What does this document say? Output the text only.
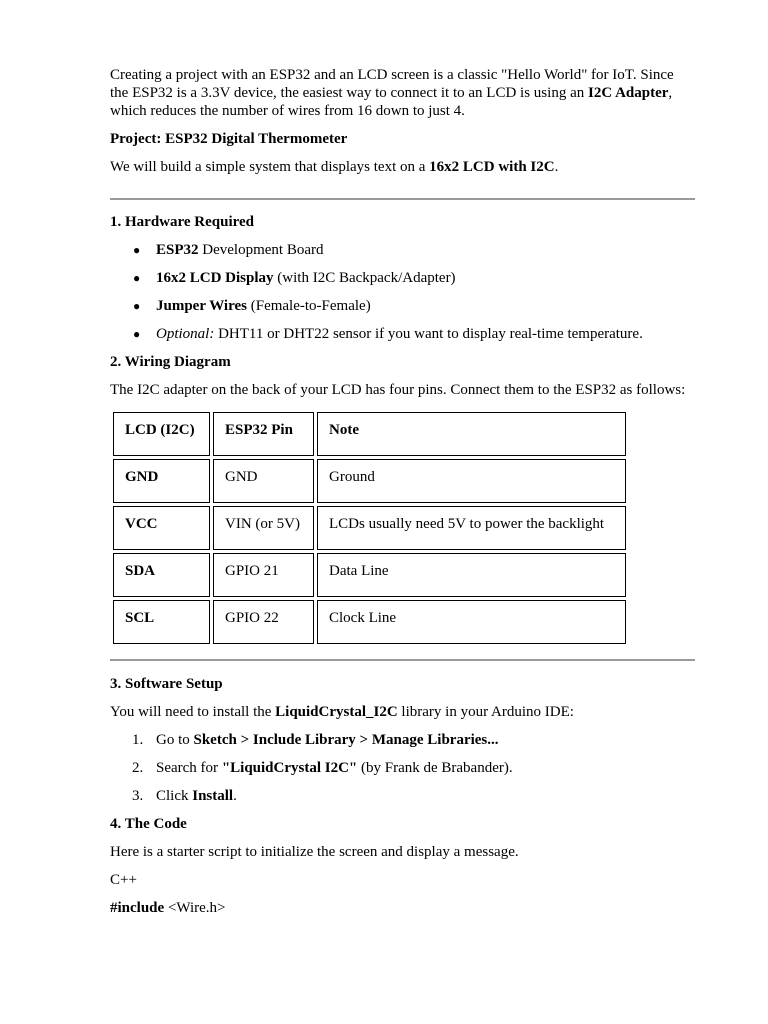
Creating a project with an ESP32 and an LCD screen is a classic "Hello World" for IoT. Since the ESP32 is a 3.3V device, the easiest way to connect it to an LCD is using an I2C Adapter, which reduces the number of wires from 16 down to just 4.

Project: ESP32 Digital Thermometer

We will build a simple system that displays text on a 16x2 LCD with I2C.

1. Hardware Required

● ESP32 Development Board
● 16x2 LCD Display (with I2C Backpack/Adapter)
● Jumper Wires (Female-to-Female)
● Optional: DHT11 or DHT22 sensor if you want to display real-time temperature.

2. Wiring Diagram

The I2C adapter on the back of your LCD has four pins. Connect them to the ESP32 as follows:

LCD (I2C)	ESP32 Pin	Note
GND	GND	Ground
VCC	VIN (or 5V)	LCDs usually need 5V to power the backlight
SDA	GPIO 21	Data Line
SCL	GPIO 22	Clock Line

3. Software Setup

You will need to install the LiquidCrystal_I2C library in your Arduino IDE:

1. Go to Sketch > Include Library > Manage Libraries...
2. Search for "LiquidCrystal I2C" (by Frank de Brabander).
3. Click Install.

4. The Code

Here is a starter script to initialize the screen and display a message.

C++

#include <Wire.h>
